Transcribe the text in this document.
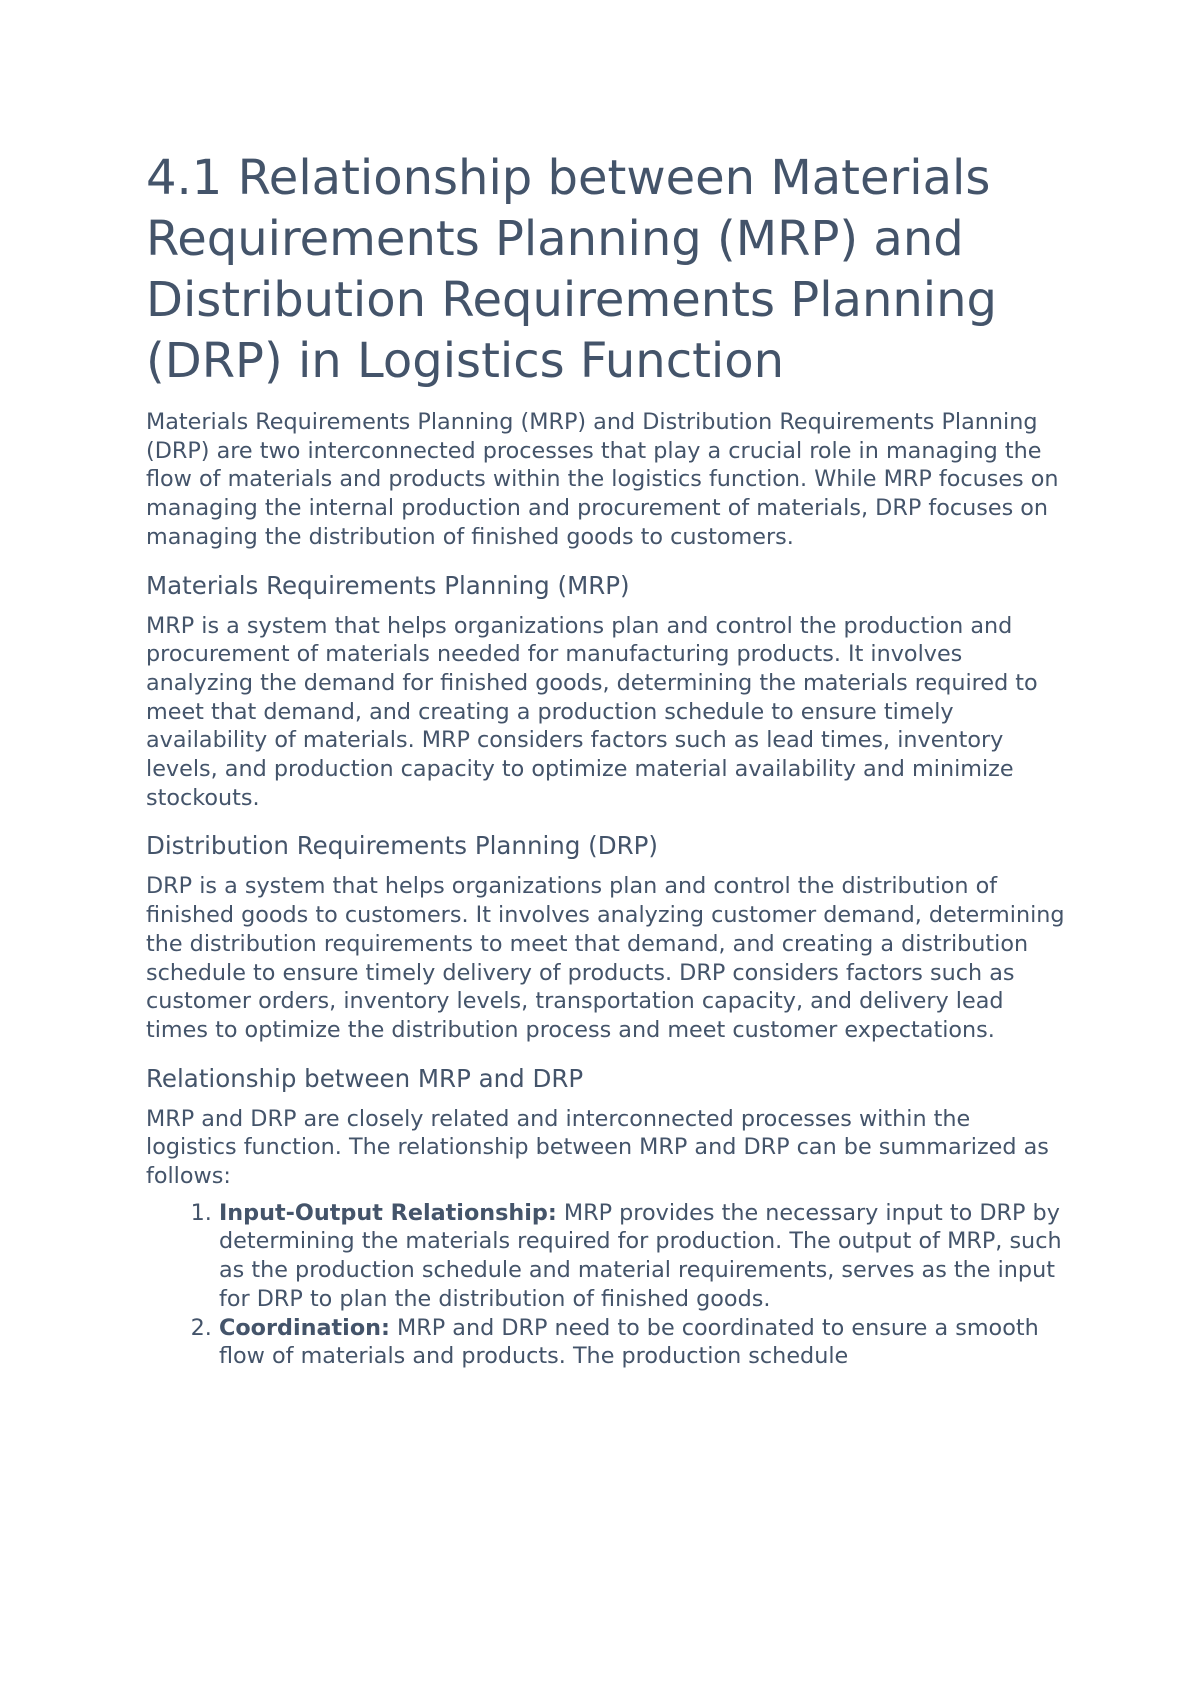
4.1 Relationship between Materials Requirements Planning (MRP) and Distribution Requirements Planning (DRP) in Logistics Function

Materials Requirements Planning (MRP) and Distribution Requirements Planning (DRP) are two interconnected processes that play a crucial role in managing the flow of materials and products within the logistics function. While MRP focuses on managing the internal production and procurement of materials, DRP focuses on managing the distribution of finished goods to customers.

Materials Requirements Planning (MRP)

MRP is a system that helps organizations plan and control the production and procurement of materials needed for manufacturing products. It involves analyzing the demand for finished goods, determining the materials required to meet that demand, and creating a production schedule to ensure timely availability of materials. MRP considers factors such as lead times, inventory levels, and production capacity to optimize material availability and minimize stockouts.

Distribution Requirements Planning (DRP)

DRP is a system that helps organizations plan and control the distribution of finished goods to customers. It involves analyzing customer demand, determining the distribution requirements to meet that demand, and creating a distribution schedule to ensure timely delivery of products. DRP considers factors such as customer orders, inventory levels, transportation capacity, and delivery lead times to optimize the distribution process and meet customer expectations.

Relationship between MRP and DRP

MRP and DRP are closely related and interconnected processes within the logistics function. The relationship between MRP and DRP can be summarized as follows:

1. Input-Output Relationship: MRP provides the necessary input to DRP by determining the materials required for production. The output of MRP, such as the production schedule and material requirements, serves as the input for DRP to plan the distribution of finished goods.
2. Coordination: MRP and DRP need to be coordinated to ensure a smooth flow of materials and products. The production schedule
